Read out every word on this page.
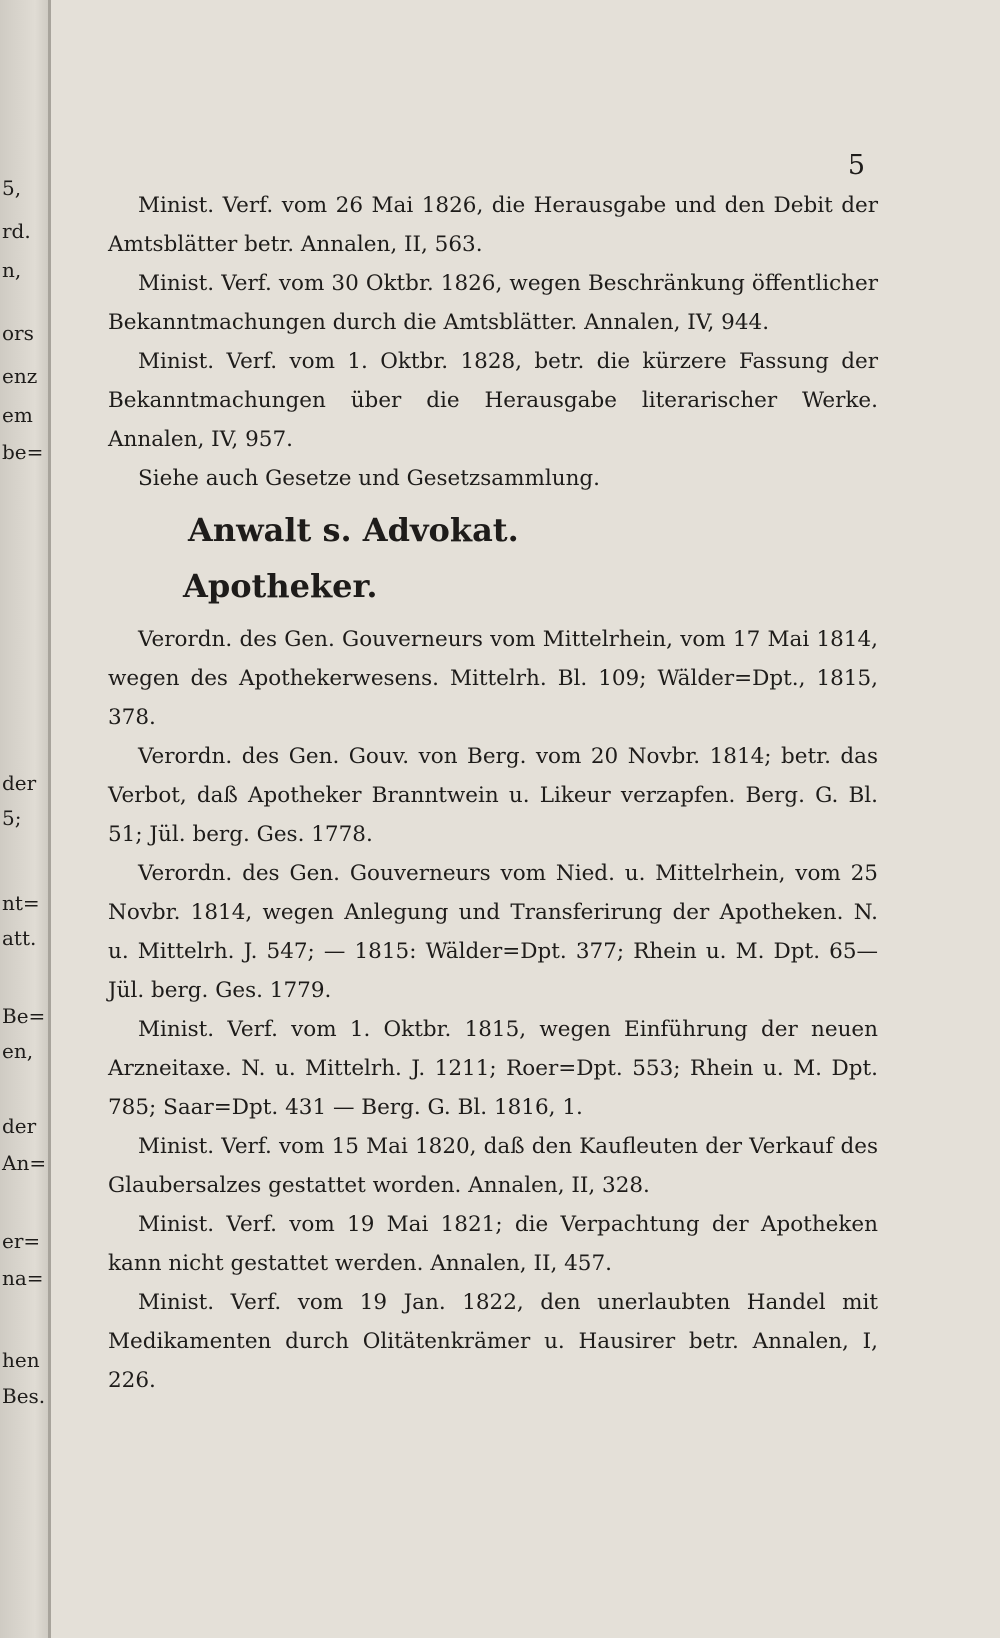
5,
rd.
n,
ors
enz
em
be=
der
5;
nt=
att.
Be=
en,
der
An=
er=
na=
hen
Bes.
5

Minist. Verf. vom 26 Mai 1826, die Herausgabe und den Debit der Amtsblätter betr. Annalen, II, 563.

Minist. Verf. vom 30 Oktbr. 1826, wegen Beschränkung öffentlicher Bekanntmachungen durch die Amtsblätter. Annalen, IV, 944.

Minist. Verf. vom 1. Oktbr. 1828, betr. die kürzere Fassung der Bekanntmachungen über die Herausgabe literarischer Werke. Annalen, IV, 957.

Siehe auch Gesetze und Gesetzsammlung.

Anwalt s. Advokat.
Apotheker.

Verordn. des Gen. Gouverneurs vom Mittelrhein, vom 17 Mai 1814, wegen des Apothekerwesens. Mittelrh. Bl. 109; Wälder=Dpt., 1815, 378.

Verordn. des Gen. Gouv. von Berg. vom 20 Novbr. 1814; betr. das Verbot, daß Apotheker Branntwein u. Likeur verzapfen. Berg. G. Bl. 51; Jül. berg. Ges. 1778.

Verordn. des Gen. Gouverneurs vom Nied. u. Mittelrhein, vom 25 Novbr. 1814, wegen Anlegung und Transferirung der Apotheken. N. u. Mittelrh. J. 547; — 1815: Wälder=Dpt. 377; Rhein u. M. Dpt. 65— Jül. berg. Ges. 1779.

Minist. Verf. vom 1. Oktbr. 1815, wegen Einführung der neuen Arzneitaxe. N. u. Mittelrh. J. 1211; Roer=Dpt. 553; Rhein u. M. Dpt. 785; Saar=Dpt. 431 — Berg. G. Bl. 1816, 1.

Minist. Verf. vom 15 Mai 1820, daß den Kaufleuten der Verkauf des Glaubersalzes gestattet worden. Annalen, II, 328.

Minist. Verf. vom 19 Mai 1821; die Verpachtung der Apotheken kann nicht gestattet werden. Annalen, II, 457.

Minist. Verf. vom 19 Jan. 1822, den unerlaubten Handel mit Medikamenten durch Olitätenkrämer u. Hausirer betr. Annalen, I, 226.
